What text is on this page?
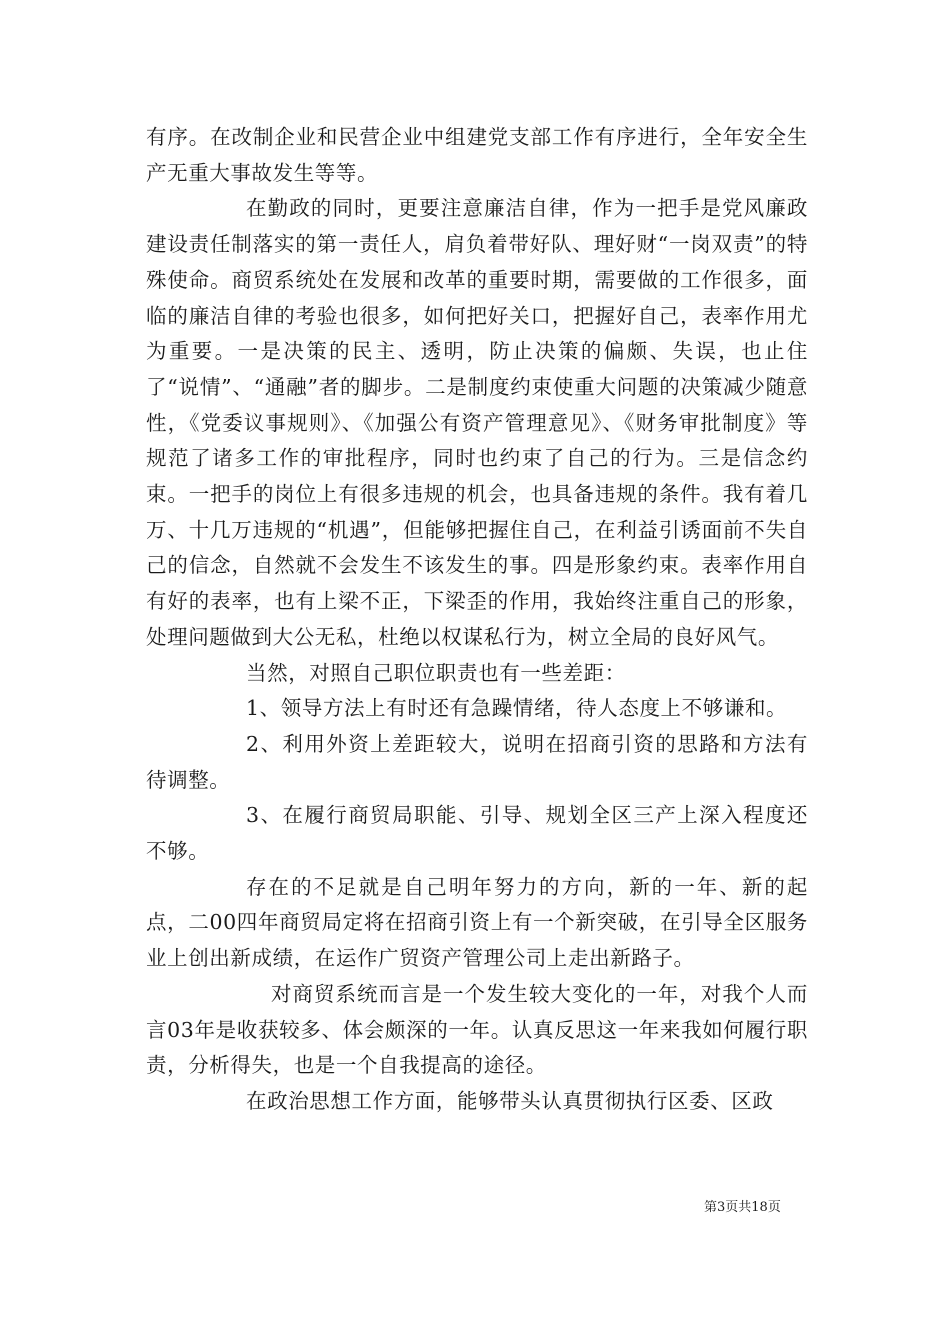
有序。在改制企业和民营企业中组建党支部工作有序进行，全年安全生产无重大事故发生等等。

在勤政的同时，更要注意廉洁自律，作为一把手是党风廉政建设责任制落实的第一责任人，肩负着带好队、理好财“一岗双责”的特殊使命。商贸系统处在发展和改革的重要时期，需要做的工作很多，面临的廉洁自律的考验也很多，如何把好关口，把握好自己，表率作用尤为重要。一是决策的民主、透明，防止决策的偏颇、失误，也止住了“说情”、“通融”者的脚步。二是制度约束使重大问题的决策减少随意性，《党委议事规则》、《加强公有资产管理意见》、《财务审批制度》等规范了诸多工作的审批程序，同时也约束了自己的行为。三是信念约束。一把手的岗位上有很多违规的机会，也具备违规的条件。我有着几万、十几万违规的“机遇”，但能够把握住自己，在利益引诱面前不失自己的信念，自然就不会发生不该发生的事。四是形象约束。表率作用自有好的表率，也有上梁不正，下梁歪的作用，我始终注重自己的形象，处理问题做到大公无私，杜绝以权谋私行为，树立全局的良好风气。

当然，对照自己职位职责也有一些差距：

1、领导方法上有时还有急躁情绪，待人态度上不够谦和。

2、利用外资上差距较大，说明在招商引资的思路和方法有待调整。

3、在履行商贸局职能、引导、规划全区三产上深入程度还不够。

存在的不足就是自己明年努力的方向，新的一年、新的起点，二00四年商贸局定将在招商引资上有一个新突破，在引导全区服务业上创出新成绩，在运作广贸资产管理公司上走出新路子。

对商贸系统而言是一个发生较大变化的一年，对我个人而言03年是收获较多、体会颇深的一年。认真反思这一年来我如何履行职责，分析得失，也是一个自我提高的途径。

在政治思想工作方面，能够带头认真贯彻执行区委、区政

第3页共18页
